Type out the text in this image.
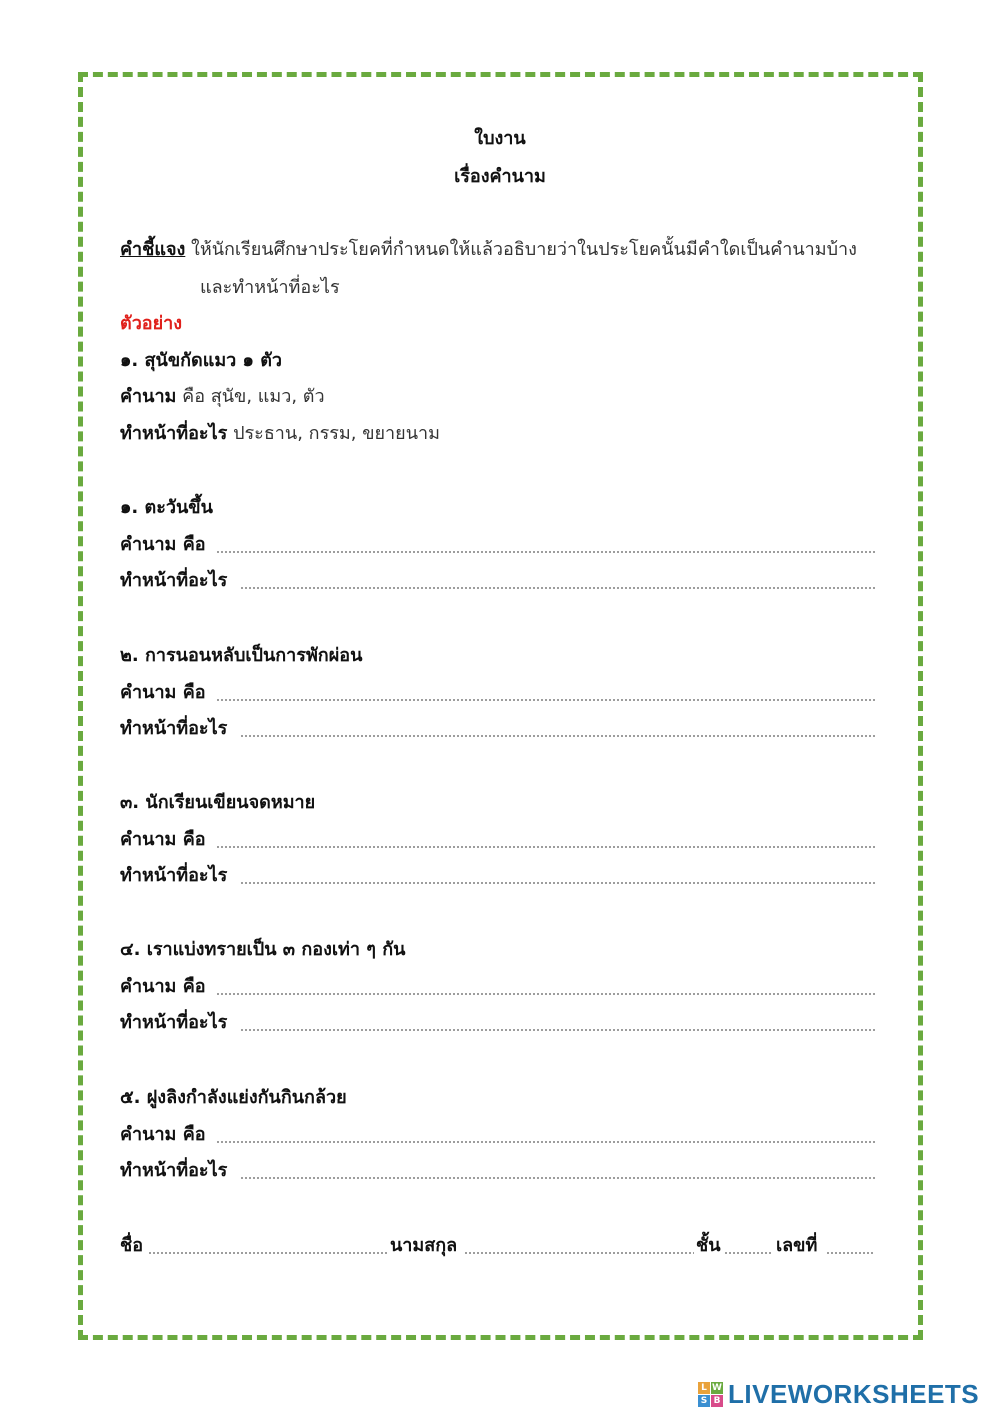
ใบงาน
เรื่องคำนาม
คำชี้แจง ให้นักเรียนศึกษาประโยคที่กำหนดให้แล้วอธิบายว่าในประโยคนั้นมีคำใดเป็นคำนามบ้าง
และทำหน้าที่อะไร
ตัวอย่าง
๑. สุนัขกัดแมว ๑ ตัว
คำนาม คือ สุนัข, แมว, ตัว
ทำหน้าที่อะไร ประธาน, กรรม, ขยายนาม
๑. ตะวันขึ้น
คำนาม คือ
ทำหน้าที่อะไร
๒. การนอนหลับเป็นการพักผ่อน
คำนาม คือ
ทำหน้าที่อะไร
๓. นักเรียนเขียนจดหมาย
คำนาม คือ
ทำหน้าที่อะไร
๔. เราแบ่งทรายเป็น ๓ กองเท่า ๆ กัน
คำนาม คือ
ทำหน้าที่อะไร
๕. ฝูงลิงกำลังแย่งกันกินกล้วย
คำนาม คือ
ทำหน้าที่อะไร
ชื่อ	นามสกุล	ชั้น	เลขที่
L W
S B LIVEWORKSHEETS
